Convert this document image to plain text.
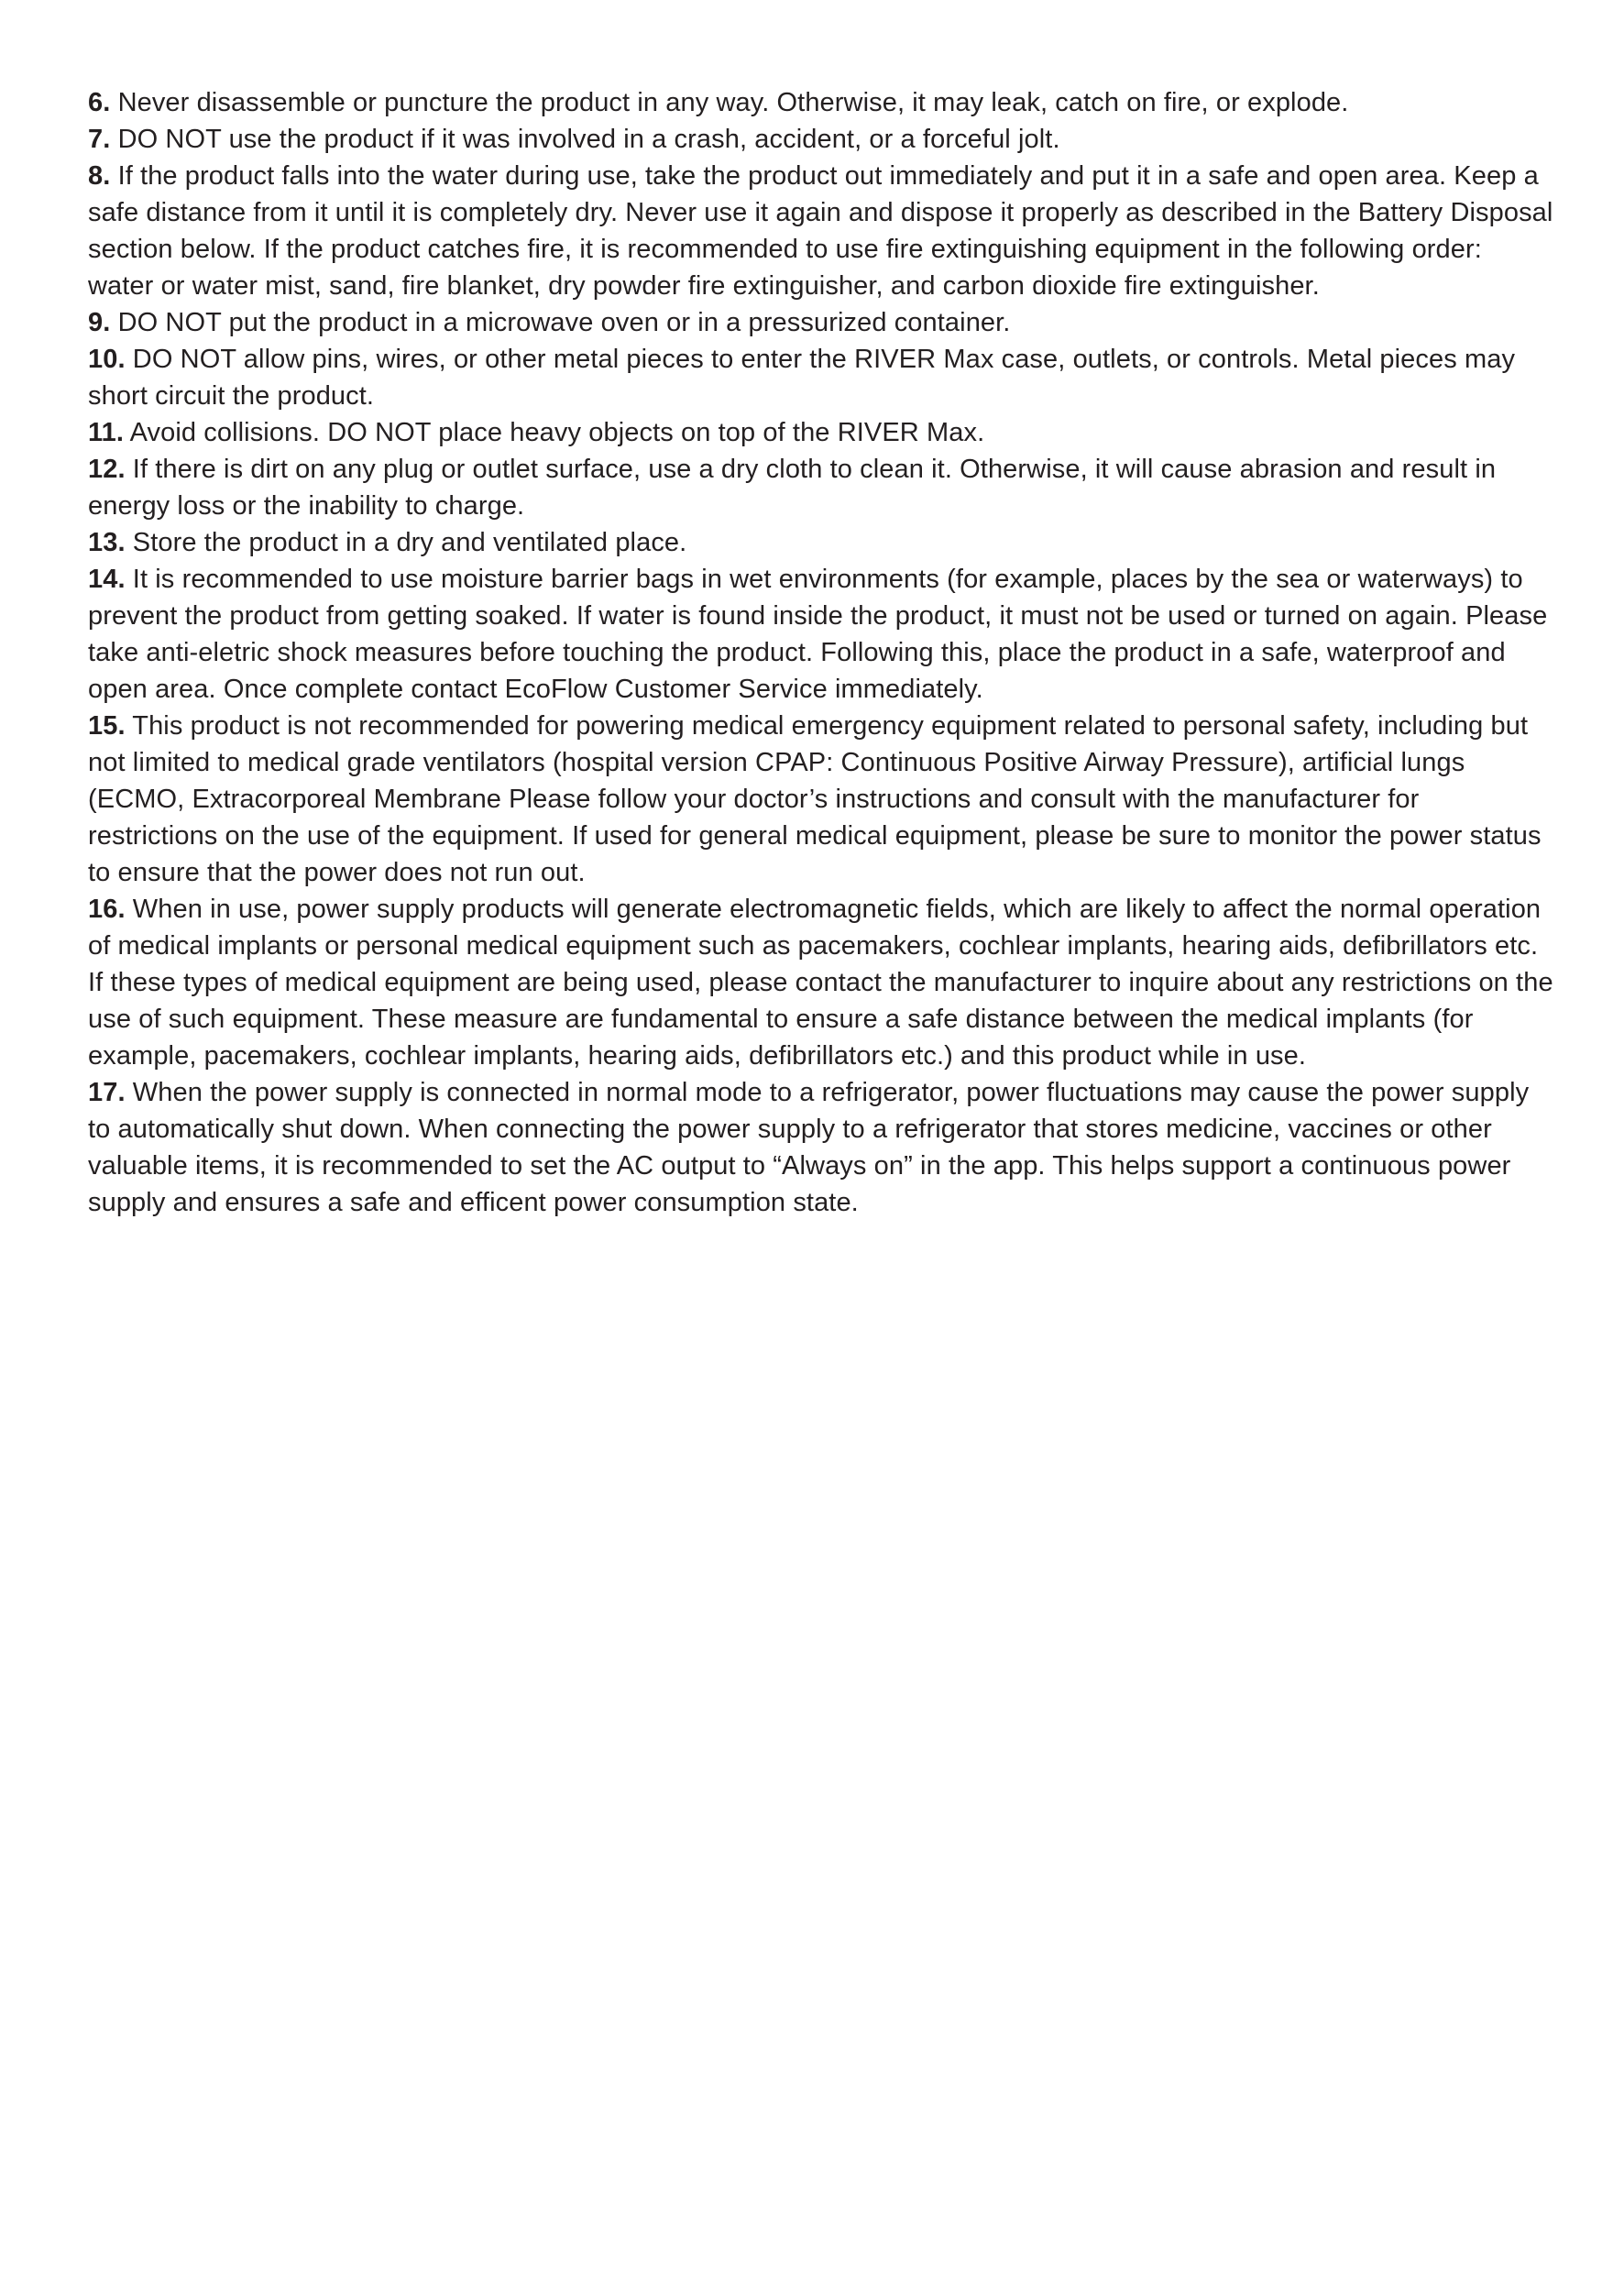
6. Never disassemble or puncture the product in any way. Otherwise, it may leak, catch on fire, or explode.

7. DO NOT use the product if it was involved in a crash, accident, or a forceful jolt.

8. If the product falls into the water during use, take the product out immediately and put it in a safe and open area. Keep a safe distance from it until it is completely dry. Never use it again and dispose it properly as described in the Battery Disposal section below. If the product catches fire, it is recommended to use fire extinguishing equipment in the following order: water or water mist, sand, fire blanket, dry powder fire extinguisher, and carbon dioxide fire extinguisher.

9. DO NOT put the product in a microwave oven or in a pressurized container.

10. DO NOT allow pins, wires, or other metal pieces to enter the RIVER Max case, outlets, or controls. Metal pieces may short circuit the product.

11. Avoid collisions. DO NOT place heavy objects on top of the RIVER Max.

12. If there is dirt on any plug or outlet surface, use a dry cloth to clean it. Otherwise, it will cause abrasion and result in energy loss or the inability to charge.

13. Store the product in a dry and ventilated place.

14. It is recommended to use moisture barrier bags in wet environments (for example, places by the sea or waterways) to prevent the product from getting soaked. If water is found inside the product, it must not be used or turned on again. Please take anti-eletric shock measures before touching the product. Following this, place the product in a safe, waterproof and open area. Once complete contact EcoFlow Customer Service immediately.

15. This product is not recommended for powering medical emergency equipment related to personal safety, including but not limited to medical grade ventilators (hospital version CPAP: Continuous Positive Airway Pressure), artificial lungs (ECMO, Extracorporeal Membrane Please follow your doctor’s instructions and consult with the manufacturer for restrictions on the use of the equipment. If used for general medical equipment, please be sure to monitor the power status to ensure that the power does not run out.

16. When in use, power supply products will generate electromagnetic fields, which are likely to affect the normal operation of medical implants or personal medical equipment such as pacemakers, cochlear implants, hearing aids, defibrillators etc. If these types of medical equipment are being used, please contact the manufacturer to inquire about any restrictions on the use of such equipment. These measure are fundamental to ensure a safe distance between the medical implants (for example, pacemakers, cochlear implants, hearing aids, defibrillators etc.) and this product while in use.

17. When the power supply is connected in normal mode to a refrigerator, power fluctuations may cause the power supply to automatically shut down. When connecting the power supply to a refrigerator that stores medicine, vaccines or other valuable items, it is recommended to set the AC output to “Always on” in the app. This helps support a continuous power supply and ensures a safe and efficent power consumption state.
